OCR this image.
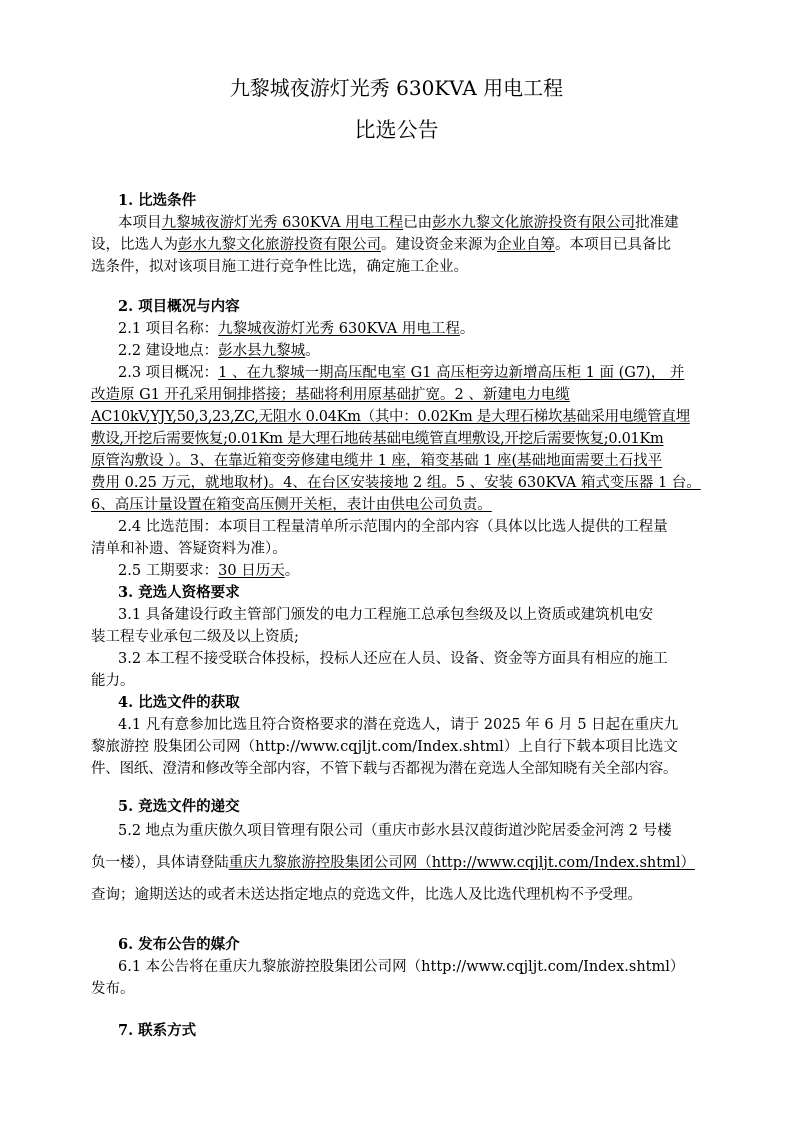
九黎城夜游灯光秀 630KVA 用电工程
比选公告
1. 比选条件
本项目九黎城夜游灯光秀 630KVA 用电工程已由彭水九黎文化旅游投资有限公司批准建
设，比选人为彭水九黎文化旅游投资有限公司。建设资金来源为企业自筹。本项目已具备比
选条件，拟对该项目施工进行竞争性比选，确定施工企业。
2. 项目概况与内容
2.1 项目名称：九黎城夜游灯光秀 630KVA 用电工程。
2.2 建设地点：彭水县九黎城。
2.3 项目概况：1 、在九黎城一期高压配电室 G1 高压柜旁边新增高压柜 1 面 (G7)， 并
改造原 G1 开孔采用铜排搭接；基础将利用原基础扩宽。2 、新建电力电缆
AC10kV,YJY,50,3,23,ZC,无阻水 0.04Km（其中：0.02Km 是大理石梯坎基础采用电缆管直埋
敷设,开挖后需要恢复;0.01Km 是大理石地砖基础电缆管直埋敷设,开挖后需要恢复;0.01Km
原管沟敷设 ）。3、在靠近箱变旁修建电缆井 1 座，箱变基础 1 座(基础地面需要土石找平
费用 0.25 万元，就地取材)。4、在台区安装接地 2 组。5 、安装 630KVA 箱式变压器 1 台。
6、高压计量设置在箱变高压侧开关柜，表计由供电公司负责。
2.4 比选范围：本项目工程量清单所示范围内的全部内容（具体以比选人提供的工程量
清单和补遗、答疑资料为准）。
2.5 工期要求：30 日历天。
3. 竞选人资格要求
3.1 具备建设行政主管部门颁发的电力工程施工总承包叁级及以上资质或建筑机电安
装工程专业承包二级及以上资质;
3.2 本工程不接受联合体投标，投标人还应在人员、设备、资金等方面具有相应的施工
能力。
4. 比选文件的获取
4.1 凡有意参加比选且符合资格要求的潜在竞选人，请于 2025 年 6 月 5 日起在重庆九
黎旅游控 股集团公司网（http://www.cqjljt.com/Index.shtml）上自行下载本项目比选文
件、图纸、澄清和修改等全部内容，不管下载与否都视为潜在竞选人全部知晓有关全部内容。
5. 竞选文件的递交
5.2 地点为重庆傲久项目管理有限公司（重庆市彭水县汉葭街道沙陀居委金河湾 2 号楼
负一楼），具体请登陆重庆九黎旅游控股集团公司网（http://www.cqjljt.com/Index.shtml）
查询；逾期送达的或者未送达指定地点的竞选文件，比选人及比选代理机构不予受理。
6. 发布公告的媒介
6.1 本公告将在重庆九黎旅游控股集团公司网（http://www.cqjljt.com/Index.shtml）
发布。
7. 联系方式
